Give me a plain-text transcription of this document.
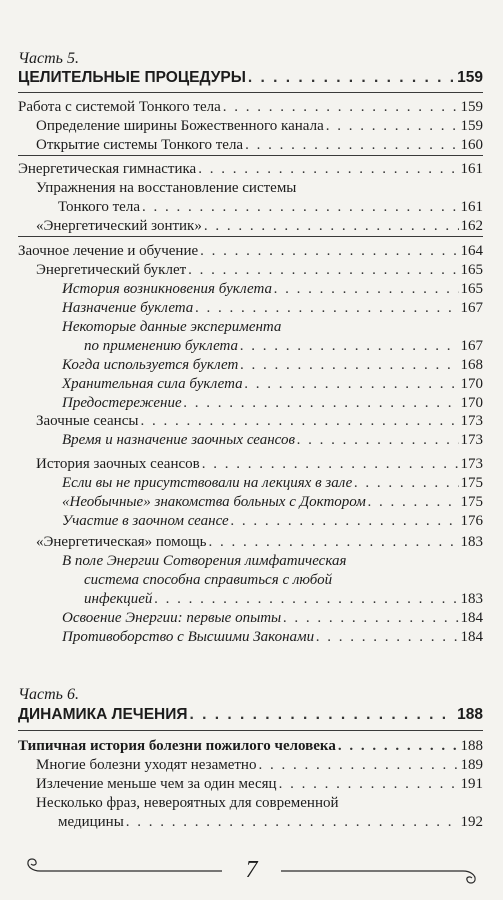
Часть 5.
ЦЕЛИТЕЛЬНЫЕ ПРОЦЕДУРЫ . . .	159
Работа с системой Тонкого тела . . .	159
Определение ширины Божественного канала . . .	159
Открытие системы Тонкого тела . . .	160
Энергетическая гимнастика . . .	161
Упражнения на восстановление системы
Тонкого тела . . .	161
«Энергетический зонтик» . . .	162
Заочное лечение и обучение . . .	164
Энергетический буклет . . .	165
История возникновения буклета . . .	165
Назначение буклета . . .	167
Некоторые данные эксперимента
по применению буклета . . .	167
Когда используется буклет . . .	168
Хранительная сила буклета . . .	170
Предостережение . . .	170
Заочные сеансы . . .	173
Время и назначение заочных сеансов . . .	173
История заочных сеансов . . .	173
Если вы не присутствовали на лекциях в зале . . .	175
«Необычные» знакомства больных с Доктором . . .	175
Участие в заочном сеансе . . .	176
«Энергетическая» помощь . . .	183
В поле Энергии Сотворения лимфатическая
система способна справиться с любой
инфекцией . . .	183
Освоение Энергии: первые опыты . . .	184
Противоборство с Высшими Законами . . .	184
Часть 6.
ДИНАМИКА ЛЕЧЕНИЯ . . .	188
Типичная история болезни пожилого человека . . .	188
Многие болезни уходят незаметно . . .	189
Излечение меньше чем за один месяц . . .	191
Несколько фраз, невероятных для современной
медицины . . .	192
7
